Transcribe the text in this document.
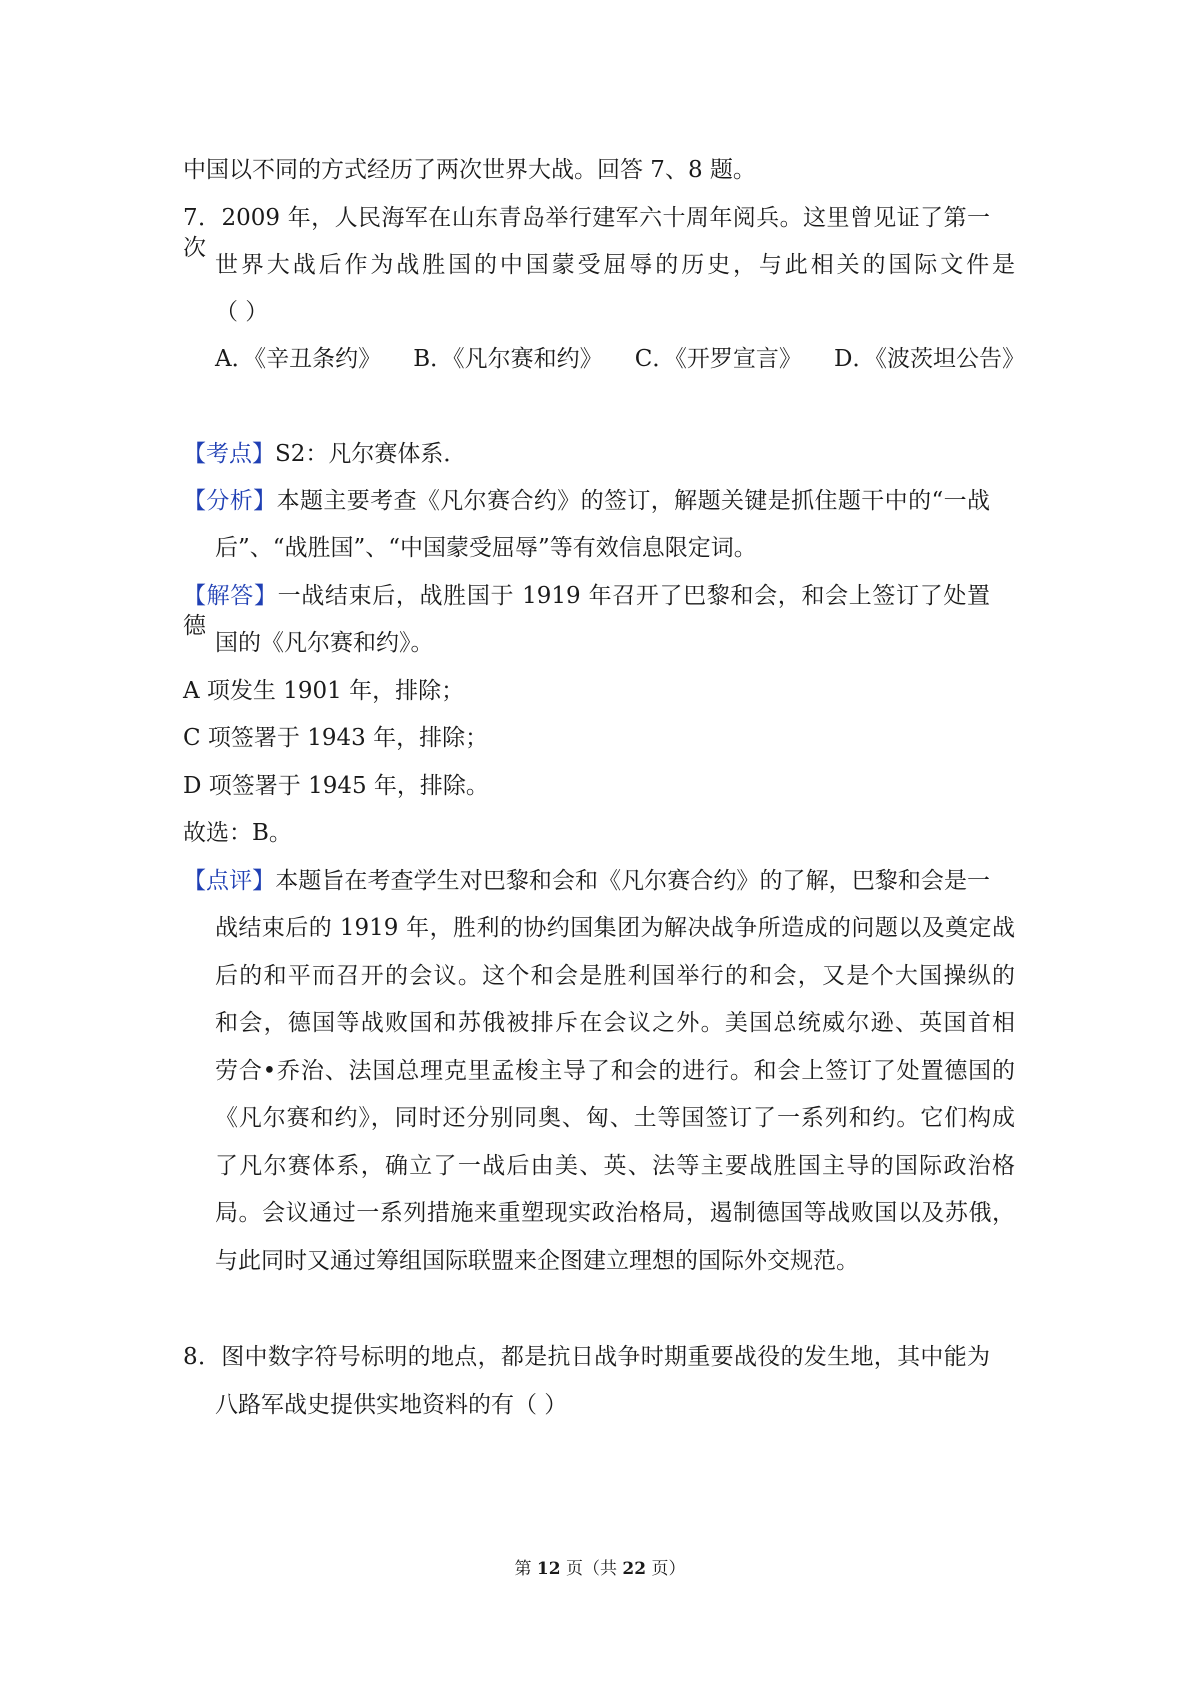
中国以不同的方式经历了两次世界大战。回答 7、8 题。
7．2009 年，人民海军在山东青岛举行建军六十周年阅兵。这里曾见证了第一次
世界大战后作为战胜国的中国蒙受屈辱的历史，与此相关的国际文件是
（ ）
A．《辛丑条约》 B．《凡尔赛和约》 C．《开罗宣言》 D．《波茨坦公告》
【考点】S2：凡尔赛体系．
【分析】本题主要考查《凡尔赛合约》的签订，解题关键是抓住题干中的“一战
后”、“战胜国”、“中国蒙受屈辱”等有效信息限定词。
【解答】一战结束后，战胜国于 1919 年召开了巴黎和会，和会上签订了处置德
国的《凡尔赛和约》。
A 项发生 1901 年，排除；
C 项签署于 1943 年，排除；
D 项签署于 1945 年，排除。
故选：B。
【点评】本题旨在考查学生对巴黎和会和《凡尔赛合约》的了解，巴黎和会是一
战结束后的 1919 年，胜利的协约国集团为解决战争所造成的问题以及奠定战
后的和平而召开的会议。这个和会是胜利国举行的和会，又是个大国操纵的
和会，德国等战败国和苏俄被排斥在会议之外。美国总统威尔逊、英国首相
劳合•乔治、法国总理克里孟梭主导了和会的进行。和会上签订了处置德国的
《凡尔赛和约》，同时还分别同奥、匈、土等国签订了一系列和约。它们构成
了凡尔赛体系，确立了一战后由美、英、法等主要战胜国主导的国际政治格
局。会议通过一系列措施来重塑现实政治格局，遏制德国等战败国以及苏俄，
与此同时又通过筹组国际联盟来企图建立理想的国际外交规范。
8．图中数字符号标明的地点，都是抗日战争时期重要战役的发生地，其中能为
八路军战史提供实地资料的有（ ）
第 12 页（共 22 页）
